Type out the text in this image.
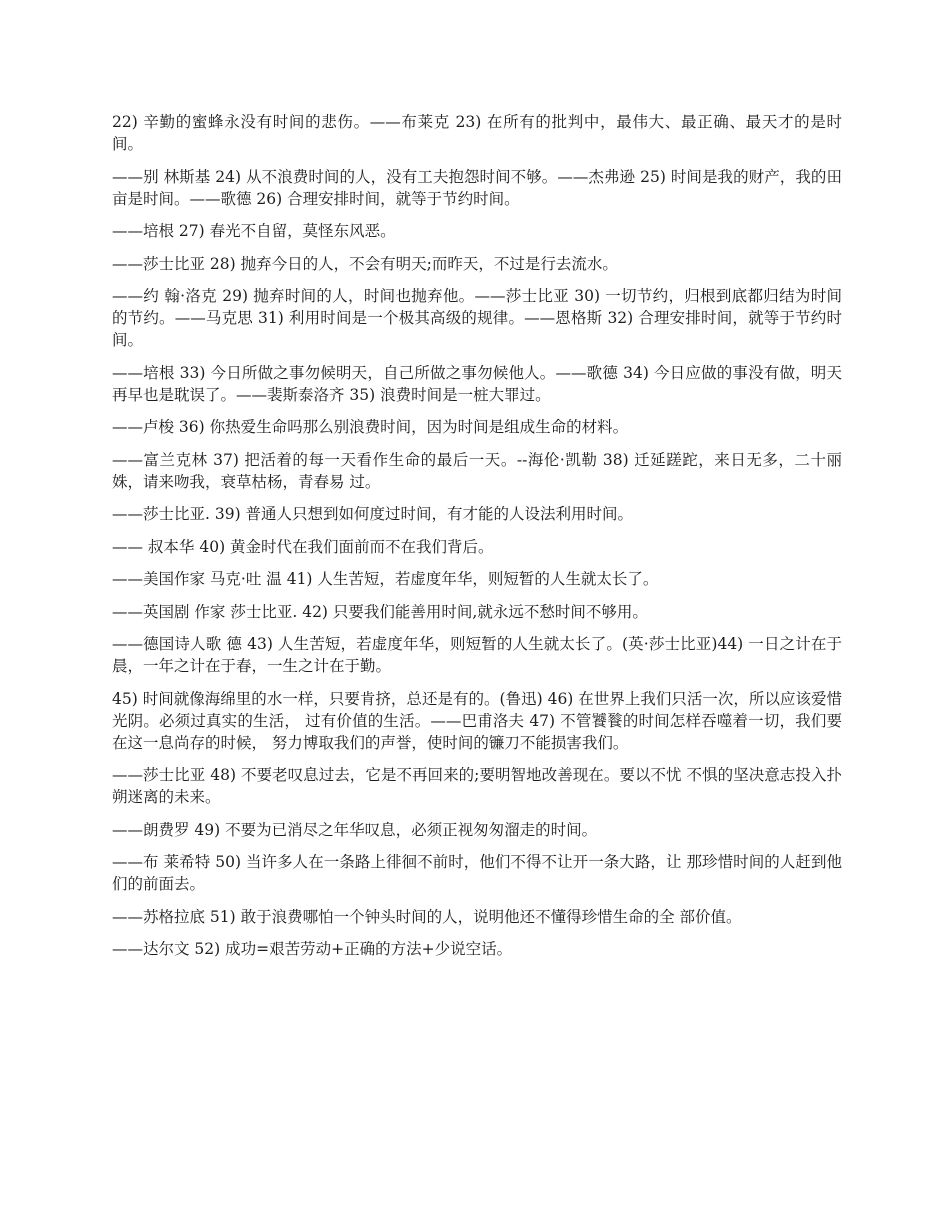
22) 辛勤的蜜蜂永没有时间的悲伤。——布莱克 23) 在所有的批判中，最伟大、最正确、最天才的是时间。

——别 林斯基 24) 从不浪费时间的人，没有工夫抱怨时间不够。——杰弗逊 25) 时间是我的财产，我的田亩是时间。——歌德 26) 合理安排时间，就等于节约时间。

——培根 27) 春光不自留，莫怪东风恶。

——莎士比亚 28) 抛弃今日的人，不会有明天;而昨天，不过是行去流水。

——约 翰·洛克 29) 抛弃时间的人，时间也抛弃他。——莎士比亚 30) 一切节约，归根到底都归结为时间的节约。——马克思 31) 利用时间是一个极其高级的规律。——恩格斯 32) 合理安排时间，就等于节约时间。

——培根 33) 今日所做之事勿候明天，自己所做之事勿候他人。——歌德 34) 今日应做的事没有做，明天再早也是耽误了。——裴斯泰洛齐 35) 浪费时间是一桩大罪过。

——卢梭 36) 你热爱生命吗那么别浪费时间，因为时间是组成生命的材料。

——富兰克林 37) 把活着的每一天看作生命的最后一天。--海伦·凯勒 38) 迁延蹉跎，来日无多，二十丽姝，请来吻我，衰草枯杨，青春易 过。

——莎士比亚. 39) 普通人只想到如何度过时间，有才能的人设法利用时间。

—— 叔本华 40) 黄金时代在我们面前而不在我们背后。

——美国作家 马克·吐 温 41) 人生苦短，若虚度年华，则短暂的人生就太长了。

——英国剧 作家 莎士比亚. 42) 只要我们能善用时间,就永远不愁时间不够用。

——德国诗人歌 德 43) 人生苦短，若虚度年华，则短暂的人生就太长了。(英·莎士比亚)44) 一日之计在于晨，一年之计在于春，一生之计在于勤。

45) 时间就像海绵里的水一样，只要肯挤，总还是有的。(鲁迅) 46) 在世界上我们只活一次，所以应该爱惜光阴。必须过真实的生活， 过有价值的生活。——巴甫洛夫 47) 不管饕餮的时间怎样吞噬着一切，我们要在这一息尚存的时候， 努力博取我们的声誉，使时间的镰刀不能损害我们。

——莎士比亚 48) 不要老叹息过去，它是不再回来的;要明智地改善现在。要以不忧 不惧的坚决意志投入扑朔迷离的未来。

——朗费罗 49) 不要为已消尽之年华叹息，必须正视匆匆溜走的时间。

——布 莱希特 50) 当许多人在一条路上徘徊不前时，他们不得不让开一条大路，让 那珍惜时间的人赶到他们的前面去。

——苏格拉底 51) 敢于浪费哪怕一个钟头时间的人，说明他还不懂得珍惜生命的全 部价值。

——达尔文 52) 成功=艰苦劳动+正确的方法+少说空话。
